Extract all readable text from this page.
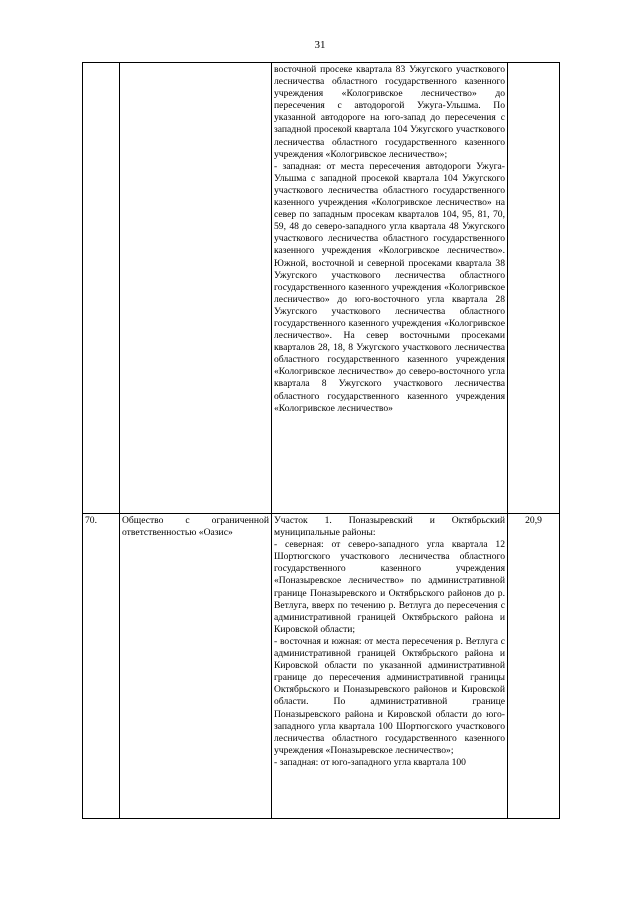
31

		восточной просеке квартала 83 Ужугского участкового лесничества областного государственного казенного учреждения «Кологривское лесничество» до пересечения с автодорогой Ужуга-Ульшма. По указанной автодороге на юго-запад до пересечения с западной просекой квартала 104 Ужугского участкового лесничества областного государственного казенного учреждения «Кологривское лесничество»;

- западная: от места пересечения автодороги Ужуга-Ульшма с западной просекой квартала 104 Ужугского участкового лесничества областного государственного казенного учреждения «Кологривское лесничество» на север по западным просекам кварталов 104, 95, 81, 70, 59, 48 до северо-западного угла квартала 48 Ужугского участкового лесничества областного государственного казенного учреждения «Кологривское лесничество». Южной, восточной и северной просеками квартала 38 Ужугского участкового лесничества областного государственного казенного учреждения «Кологривское лесничество» до юго-восточного угла квартала 28 Ужугского участкового лесничества областного государственного казенного учреждения «Кологривское лесничество». На север восточными просеками кварталов 28, 18, 8 Ужугского участкового лесничества областного государственного казенного учреждения «Кологривское лесничество» до северо-восточного угла квартала 8 Ужугского участкового лесничества областного государственного казенного учреждения «Кологривское лесничество»	

70.	Общество с ограниченной ответственностью «Оазис»	Участок 1. Поназыревский и Октябрьский муниципальные районы:

- северная: от северо-западного угла квартала 12 Шортюгского участкового лесничества областного государственного казенного учреждения «Поназыревское лесничество» по административной границе Поназыревского и Октябрьского районов до р. Ветлуга, вверх по течению р. Ветлуга до пересечения с административной границей Октябрьского района и Кировской области;

- восточная и южная: от места пересечения р. Ветлуга с административной границей Октябрьского района и Кировской области по указанной административной границе до пересечения административной границы Октябрьского и Поназыревского районов и Кировской области. По административной границе Поназыревского района и Кировской области до юго-западного угла квартала 100 Шортюгского участкового лесничества областного государственного казенного учреждения «Поназыревское лесничество»;

- западная: от юго-западного угла квартала 100	20,9
